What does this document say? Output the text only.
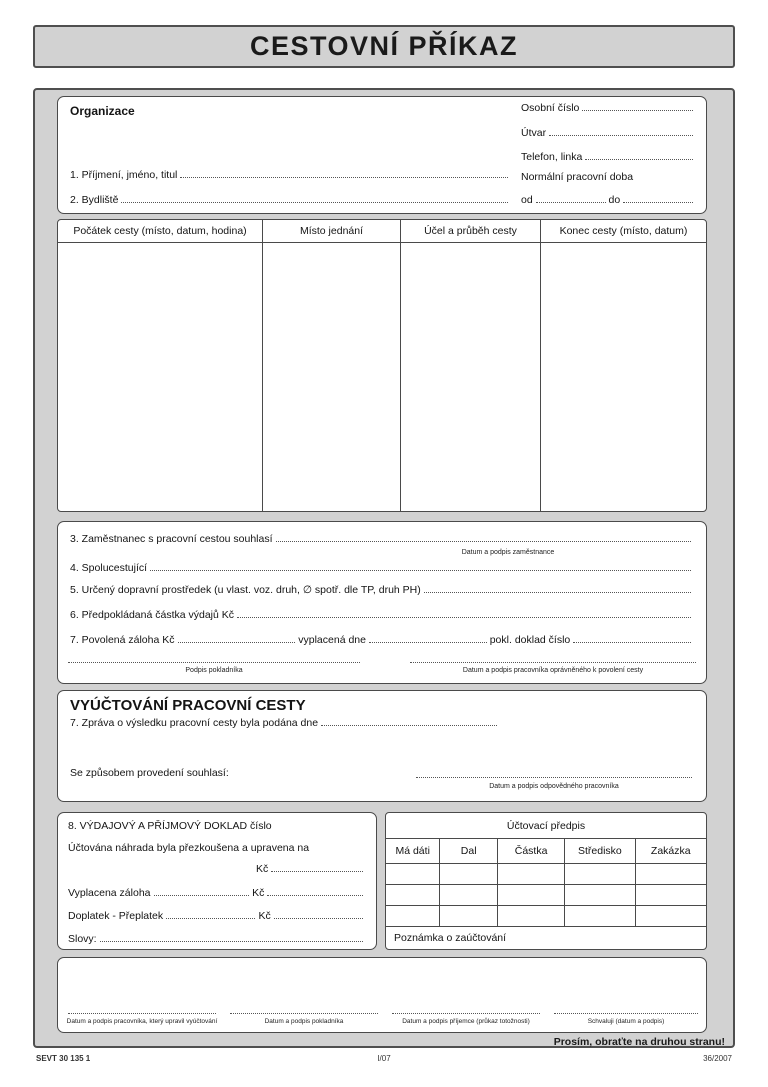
CESTOVNÍ PŘÍKAZ
Organizace	Osobní číslo
Útvar
Telefon, linka
Normální pracovní doba
od	do
1. Příjmení, jméno, titul
2. Bydliště
Počátek cesty (místo, datum, hodina)	Místo jednání	Účel a průběh cesty	Konec cesty (místo, datum)
3. Zaměstnanec s pracovní cestou souhlasí
Datum a podpis zaměstnance
4. Spolucestující
5. Určený dopravní prostředek (u vlast. voz. druh, ∅ spotř. dle TP, druh PH)
6. Předpokládaná částka výdajů Kč
7. Povolená záloha Kč	vyplacená dne	pokl. doklad číslo
Podpis pokladníka	Datum a podpis pracovníka oprávněného k povolení cesty
VYÚČTOVÁNÍ PRACOVNÍ CESTY
7. Zpráva o výsledku pracovní cesty byla podána dne
Se způsobem provedení souhlasí:
Datum a podpis odpovědného pracovníka
8. VÝDAJOVÝ A PŘÍJMOVÝ DOKLAD číslo
Účtována náhrada byla přezkoušena a upravena na
Kč
Vyplacena záloha	Kč
Doplatek - Přeplatek	Kč
Slovy:
Účtovací předpis
Má dáti	Dal	Částka	Středisko	Zakázka
Poznámka o zaúčtování
Datum a podpis pracovníka, který upravil vyúčtování	Datum a podpis pokladníka	Datum a podpis příjemce (průkaz totožnosti)	Schvaluji (datum a podpis)
Prosím, obraťte na druhou stranu!
SEVT 30 135 1	I/07	36/2007
